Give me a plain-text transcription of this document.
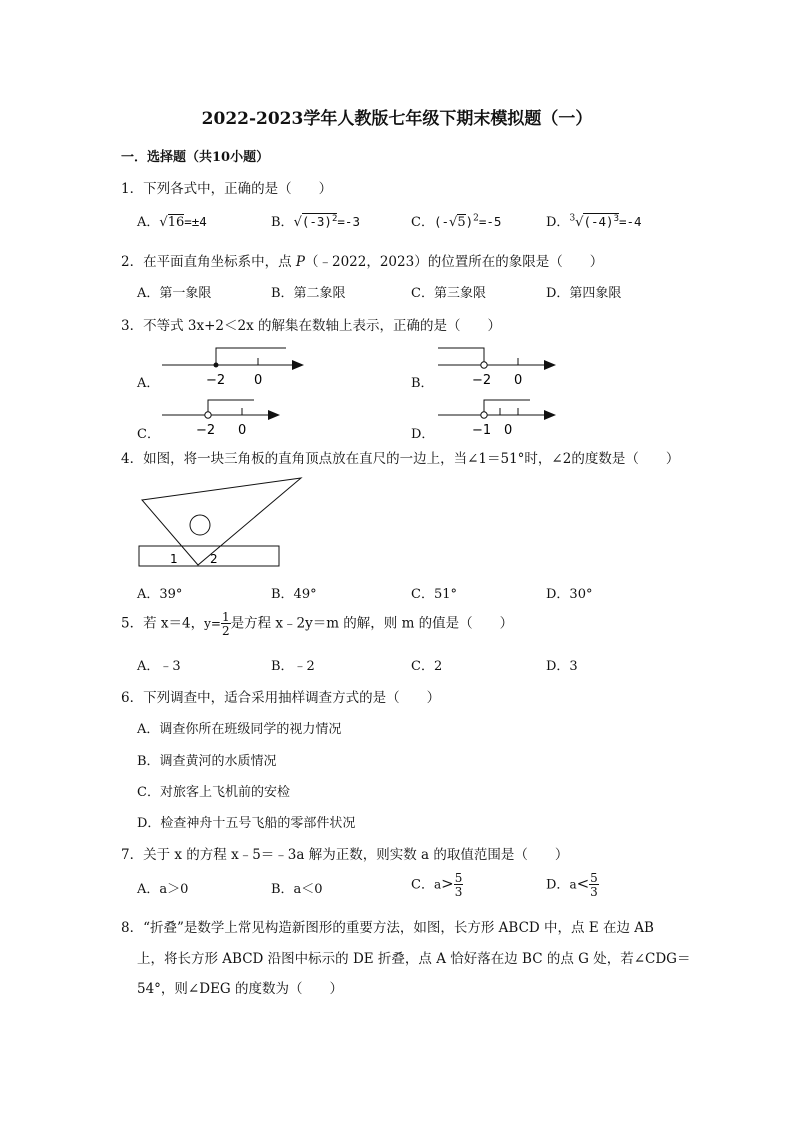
2022-2023学年人教版七年级下期末模拟题（一）
一．选择题（共10小题）
1．下列各式中，正确的是（　　）
A．√16=±4	B．$√(-3)^2=-3$	C．$(-√5)^2=-5$	D．$^3√(-4)^3=-4$
2．在平面直角坐标系中，点 P（﹣2022，2023）的位置所在的象限是（　　）
A．第一象限	B．第二象限	C．第三象限	D．第四象限
3．不等式 3x+2＜2x 的解集在数轴上表示，正确的是（　　）
A．	−2 0	B．	−2 0
C．	−2 0	D．	−1 0
4．如图，将一块三角板的直角顶点放在直尺的一边上，当∠1＝51°时，∠2的度数是（　　）
1	2
A．39°	B．49°	C．51°	D．30°
5．若 x＝4，$y= \frac{1}{2}$ 是方程 x﹣2y＝m 的解，则 m 的值是（　　）
A．﹣3	B．﹣2	C．2	D．3
6．下列调查中，适合采用抽样调查方式的是（　　）
A．调查你所在班级同学的视力情况
B．调查黄河的水质情况
C．对旅客上飞机前的安检
D．检查神舟十五号飞船的零部件状况
7．关于 x 的方程 x﹣5＝﹣3a 解为正数，则实数 a 的取值范围是（　　）
A．a＞0	B．a＜0	C．$a> \frac{5}{3}$	D．$a< \frac{5}{3}$
8．“折叠”是数学上常见构造新图形的重要方法，如图，长方形 ABCD 中，点 E 在边 AB
上，将长方形 ABCD 沿图中标示的 DE 折叠，点 A 恰好落在边 BC 的点 G 处，若∠CDG＝
54°，则∠DEG 的度数为（　　）
